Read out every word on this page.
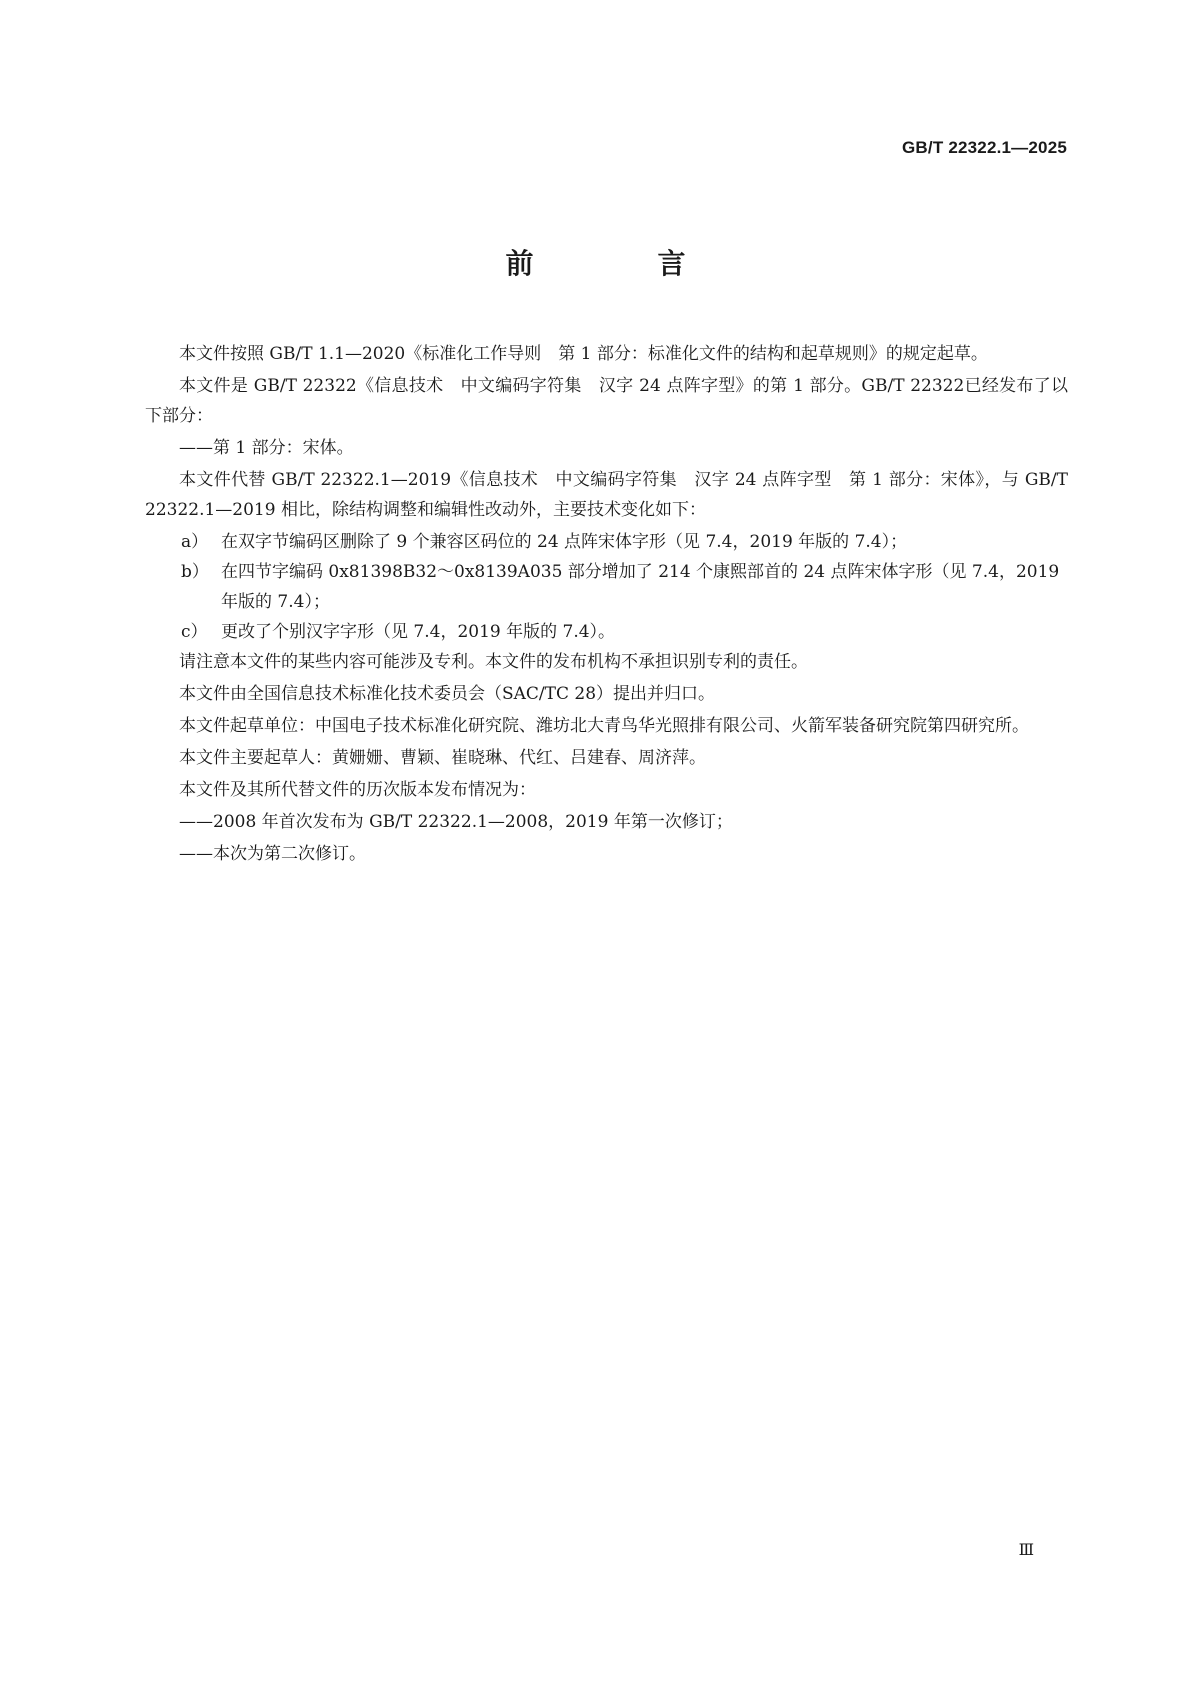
GB/T 22322.1—2025
前　言

本文件按照 GB/T 1.1—2020《标准化工作导则　第 1 部分：标准化文件的结构和起草规则》的规定起草。

本文件是 GB/T 22322《信息技术　中文编码字符集　汉字 24 点阵字型》的第 1 部分。GB/T 22322已经发布了以下部分：

——第 1 部分：宋体。

本文件代替 GB/T 22322.1—2019《信息技术　中文编码字符集　汉字 24 点阵字型　第 1 部分：宋体》，与 GB/T 22322.1—2019 相比，除结构调整和编辑性改动外，主要技术变化如下：

a） 在双字节编码区删除了 9 个兼容区码位的 24 点阵宋体字形（见 7.4，2019 年版的 7.4）；
b） 在四节字编码 0x81398B32～0x8139A035 部分增加了 214 个康熙部首的 24 点阵宋体字形（见 7.4，2019 年版的 7.4）；
c） 更改了个别汉字字形（见 7.4，2019 年版的 7.4）。

请注意本文件的某些内容可能涉及专利。本文件的发布机构不承担识别专利的责任。

本文件由全国信息技术标准化技术委员会（SAC/TC 28）提出并归口。

本文件起草单位：中国电子技术标准化研究院、潍坊北大青鸟华光照排有限公司、火箭军装备研究院第四研究所。

本文件主要起草人：黄姗姗、曹颖、崔晓琳、代红、吕建春、周济萍。

本文件及其所代替文件的历次版本发布情况为：

——2008 年首次发布为 GB/T 22322.1—2008，2019 年第一次修订；

——本次为第二次修订。

Ⅲ
